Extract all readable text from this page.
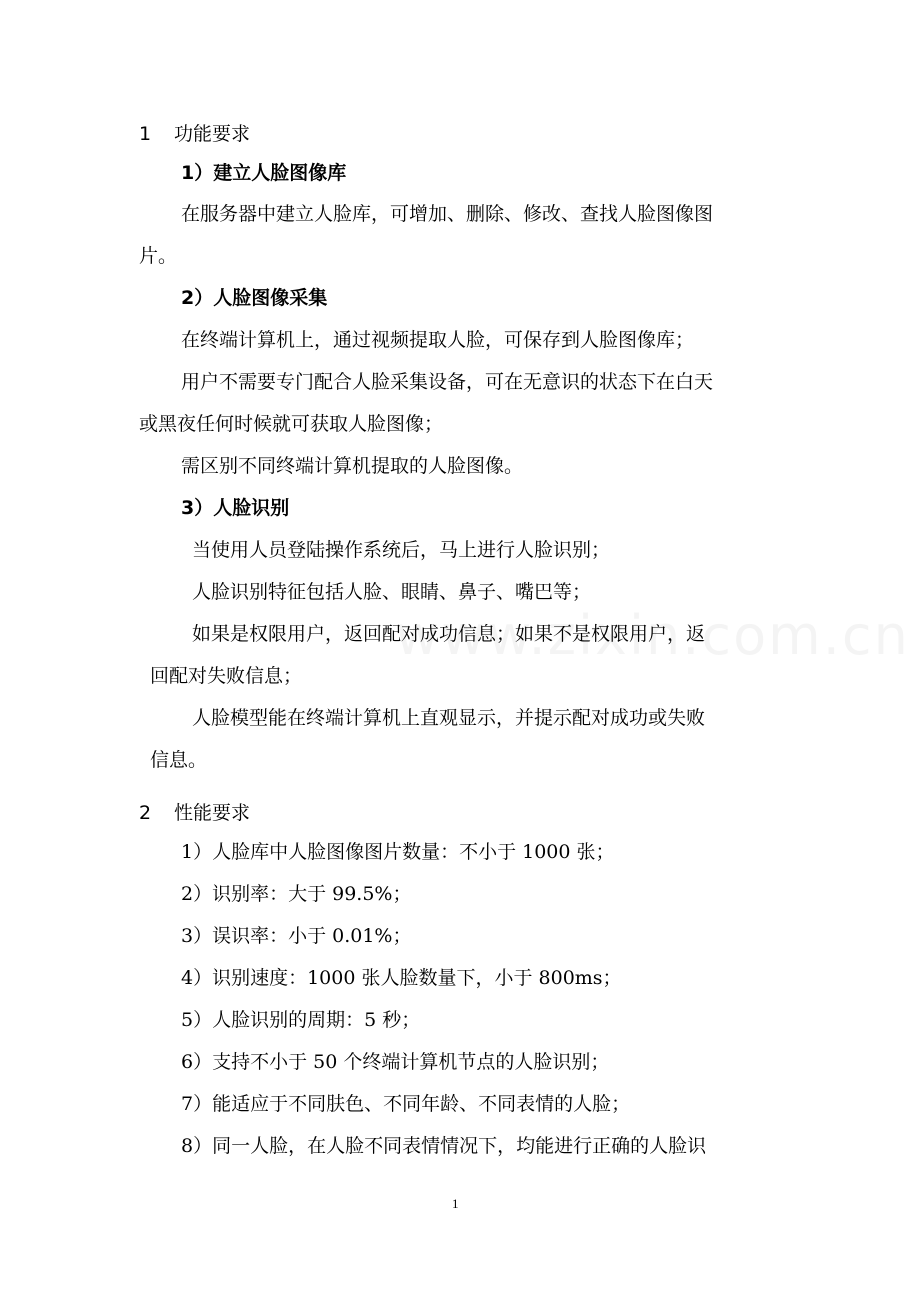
1 功能要求
1）建立人脸图像库
在服务器中建立人脸库，可增加、删除、修改、查找人脸图像图
片。
2）人脸图像采集
在终端计算机上，通过视频提取人脸，可保存到人脸图像库；
用户不需要专门配合人脸采集设备，可在无意识的状态下在白天
或黑夜任何时候就可获取人脸图像；
需区别不同终端计算机提取的人脸图像。
3）人脸识别
当使用人员登陆操作系统后，马上进行人脸识别；
人脸识别特征包括人脸、眼睛、鼻子、嘴巴等；
如果是权限用户，返回配对成功信息；如果不是权限用户，返
回配对失败信息；
人脸模型能在终端计算机上直观显示，并提示配对成功或失败
信息。
2 性能要求
1）人脸库中人脸图像图片数量：不小于 1000 张；
2）识别率：大于 99.5%；
3）误识率：小于 0.01%；
4）识别速度：1000 张人脸数量下，小于 800ms；
5）人脸识别的周期：5 秒；
6）支持不小于 50 个终端计算机节点的人脸识别；
7）能适应于不同肤色、不同年龄、不同表情的人脸；
8）同一人脸，在人脸不同表情情况下，均能进行正确的人脸识
1
